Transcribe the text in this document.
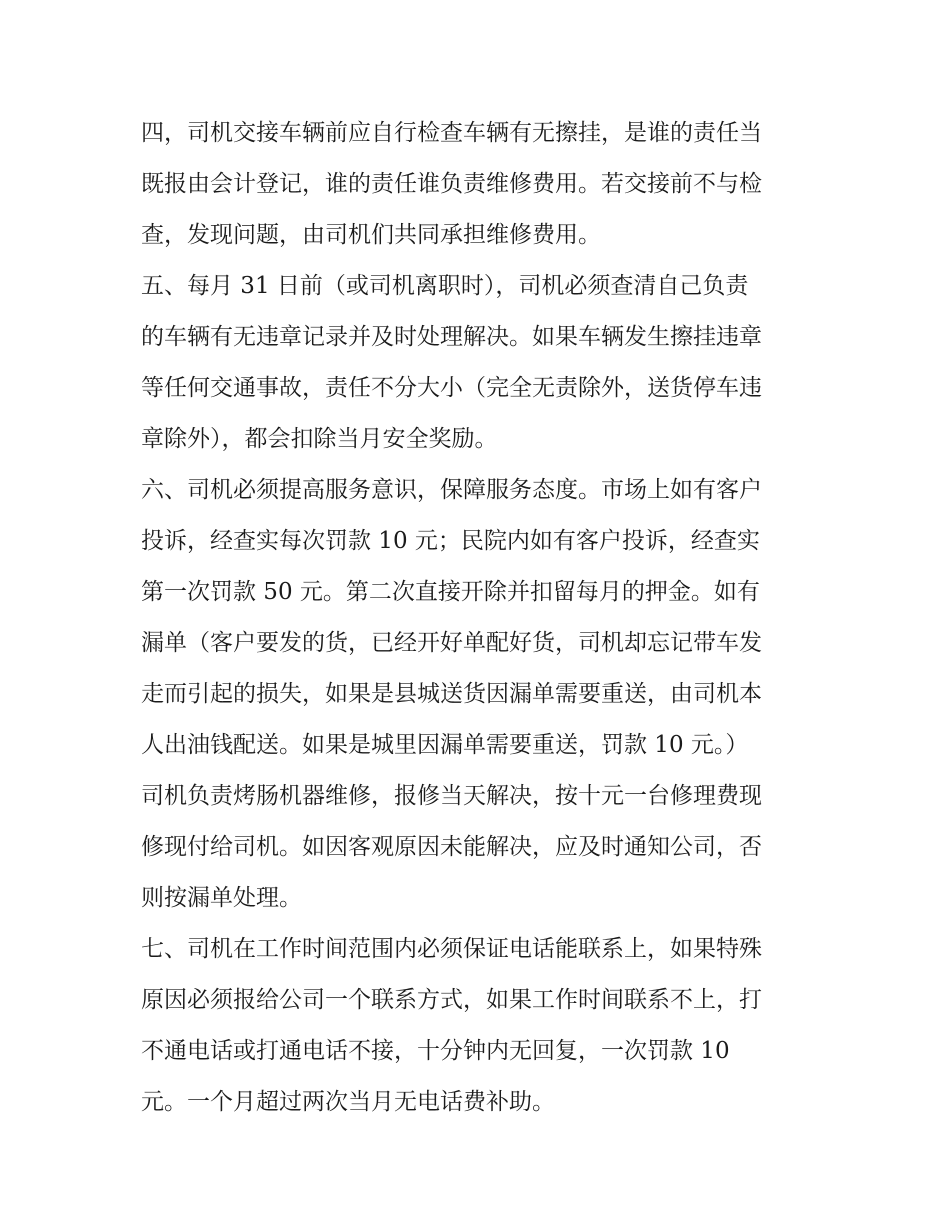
四，司机交接车辆前应自行检查车辆有无擦挂，是谁的责任当
既报由会计登记，谁的责任谁负责维修费用。若交接前不与检
查，发现问题，由司机们共同承担维修费用。
五、每月 31 日前（或司机离职时），司机必须查清自己负责
的车辆有无违章记录并及时处理解决。如果车辆发生擦挂违章
等任何交通事故，责任不分大小（完全无责除外，送货停车违
章除外），都会扣除当月安全奖励。
六、司机必须提高服务意识，保障服务态度。市场上如有客户
投诉，经查实每次罚款 10 元；民院内如有客户投诉，经查实
第一次罚款 50 元。第二次直接开除并扣留每月的押金。如有
漏单（客户要发的货，已经开好单配好货，司机却忘记带车发
走而引起的损失，如果是县城送货因漏单需要重送，由司机本
人出油钱配送。如果是城里因漏单需要重送，罚款 10 元。）
司机负责烤肠机器维修，报修当天解决，按十元一台修理费现
修现付给司机。如因客观原因未能解决，应及时通知公司，否
则按漏单处理。
七、司机在工作时间范围内必须保证电话能联系上，如果特殊
原因必须报给公司一个联系方式，如果工作时间联系不上，打
不通电话或打通电话不接，十分钟内无回复，一次罚款 10
元。一个月超过两次当月无电话费补助。
